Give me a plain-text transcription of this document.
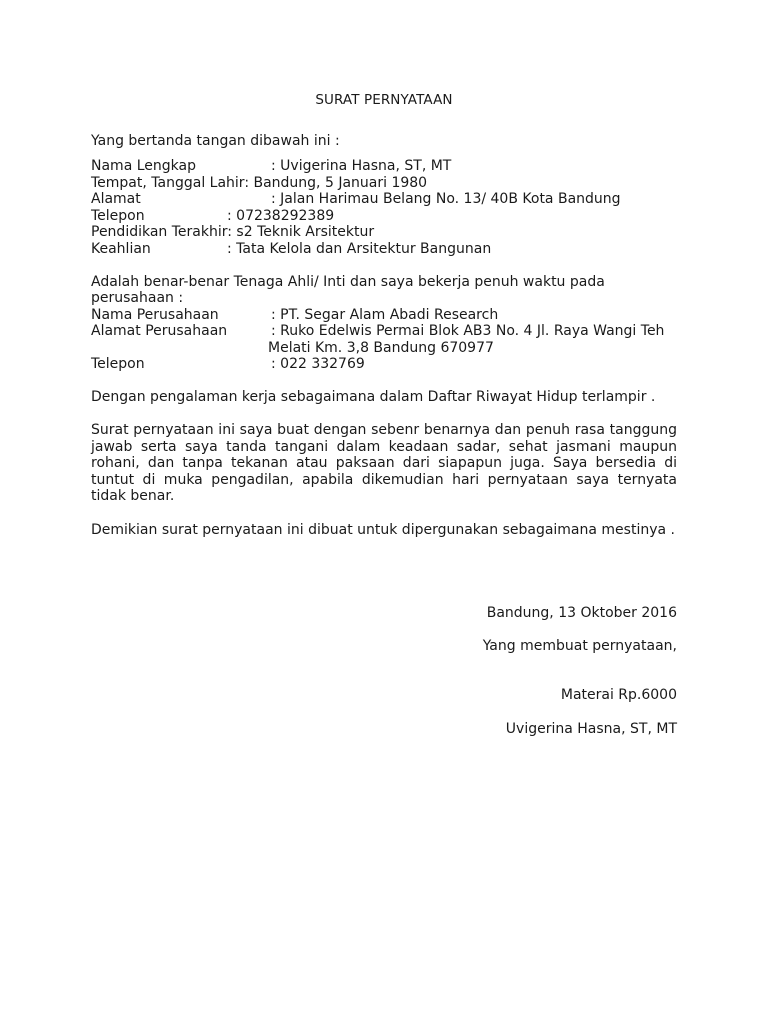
SURAT PERNYATAAN
Yang bertanda tangan dibawah ini :
Nama Lengkap	: Uvigerina Hasna, ST, MT
Tempat, Tanggal Lahir: Bandung, 5 Januari 1980
Alamat	: Jalan Harimau Belang No. 13/ 40B Kota Bandung
Telepon	: 07238292389
Pendidikan Terakhir: s2 Teknik Arsitektur
Keahlian	: Tata Kelola dan Arsitektur Bangunan
Adalah benar-benar Tenaga Ahli/ Inti dan saya bekerja penuh waktu pada
perusahaan :
Nama Perusahaan	: PT. Segar Alam Abadi Research
Alamat Perusahaan	: Ruko Edelwis Permai Blok AB3 No. 4 Jl. Raya Wangi Teh
Melati Km. 3,8 Bandung 670977
Telepon	: 022 332769
Dengan pengalaman kerja sebagaimana dalam Daftar Riwayat Hidup terlampir .
Surat pernyataan ini saya buat dengan sebenr benarnya dan penuh rasa tanggung jawab serta saya tanda tangani dalam keadaan sadar, sehat jasmani maupun rohani, dan tanpa tekanan atau paksaan dari siapapun juga. Saya bersedia di tuntut di muka pengadilan, apabila dikemudian hari pernyataan saya ternyata tidak benar.
Demikian surat pernyataan ini dibuat untuk dipergunakan sebagaimana mestinya .
Bandung, 13 Oktober 2016
Yang membuat pernyataan,
Materai Rp.6000
Uvigerina Hasna, ST, MT
